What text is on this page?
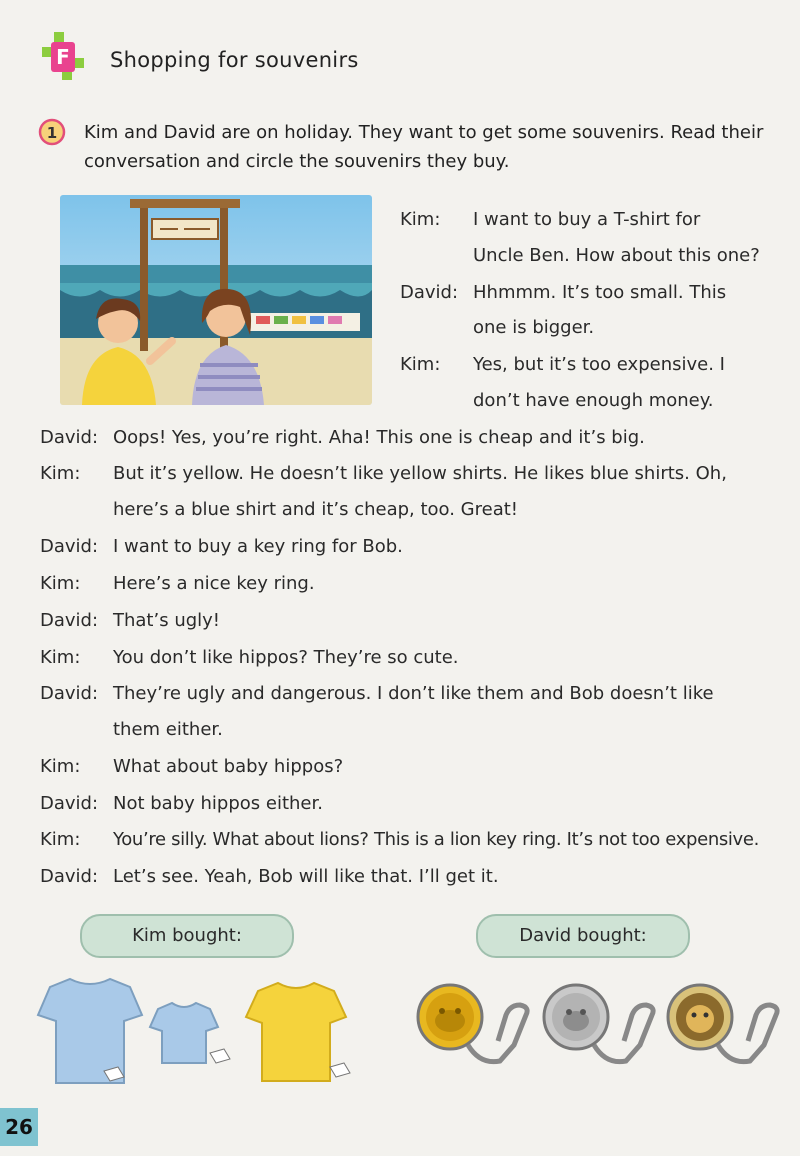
F Shopping for souvenirs
1 Kim and David are on holiday. They want to get some souvenirs. Read their conversation and circle the souvenirs they buy.
Kim: I want to buy a T-shirt for
Uncle Ben. How about this one?
David: Hhmmm. It’s too small. This
one is bigger.
Kim: Yes, but it’s too expensive. I
don’t have enough money.
David: Oops! Yes, you’re right. Aha! This one is cheap and it’s big.
Kim: But it’s yellow. He doesn’t like yellow shirts. He likes blue shirts. Oh,
here’s a blue shirt and it’s cheap, too. Great!
David: I want to buy a key ring for Bob.
Kim: Here’s a nice key ring.
David: That’s ugly!
Kim: You don’t like hippos? They’re so cute.
David: They’re ugly and dangerous. I don’t like them and Bob doesn’t like
them either.
Kim: What about baby hippos?
David: Not baby hippos either.
Kim: You’re silly. What about lions? This is a lion key ring. It’s not too expensive.
David: Let’s see. Yeah, Bob will like that. I’ll get it.
Kim bought:	David bought:
26
